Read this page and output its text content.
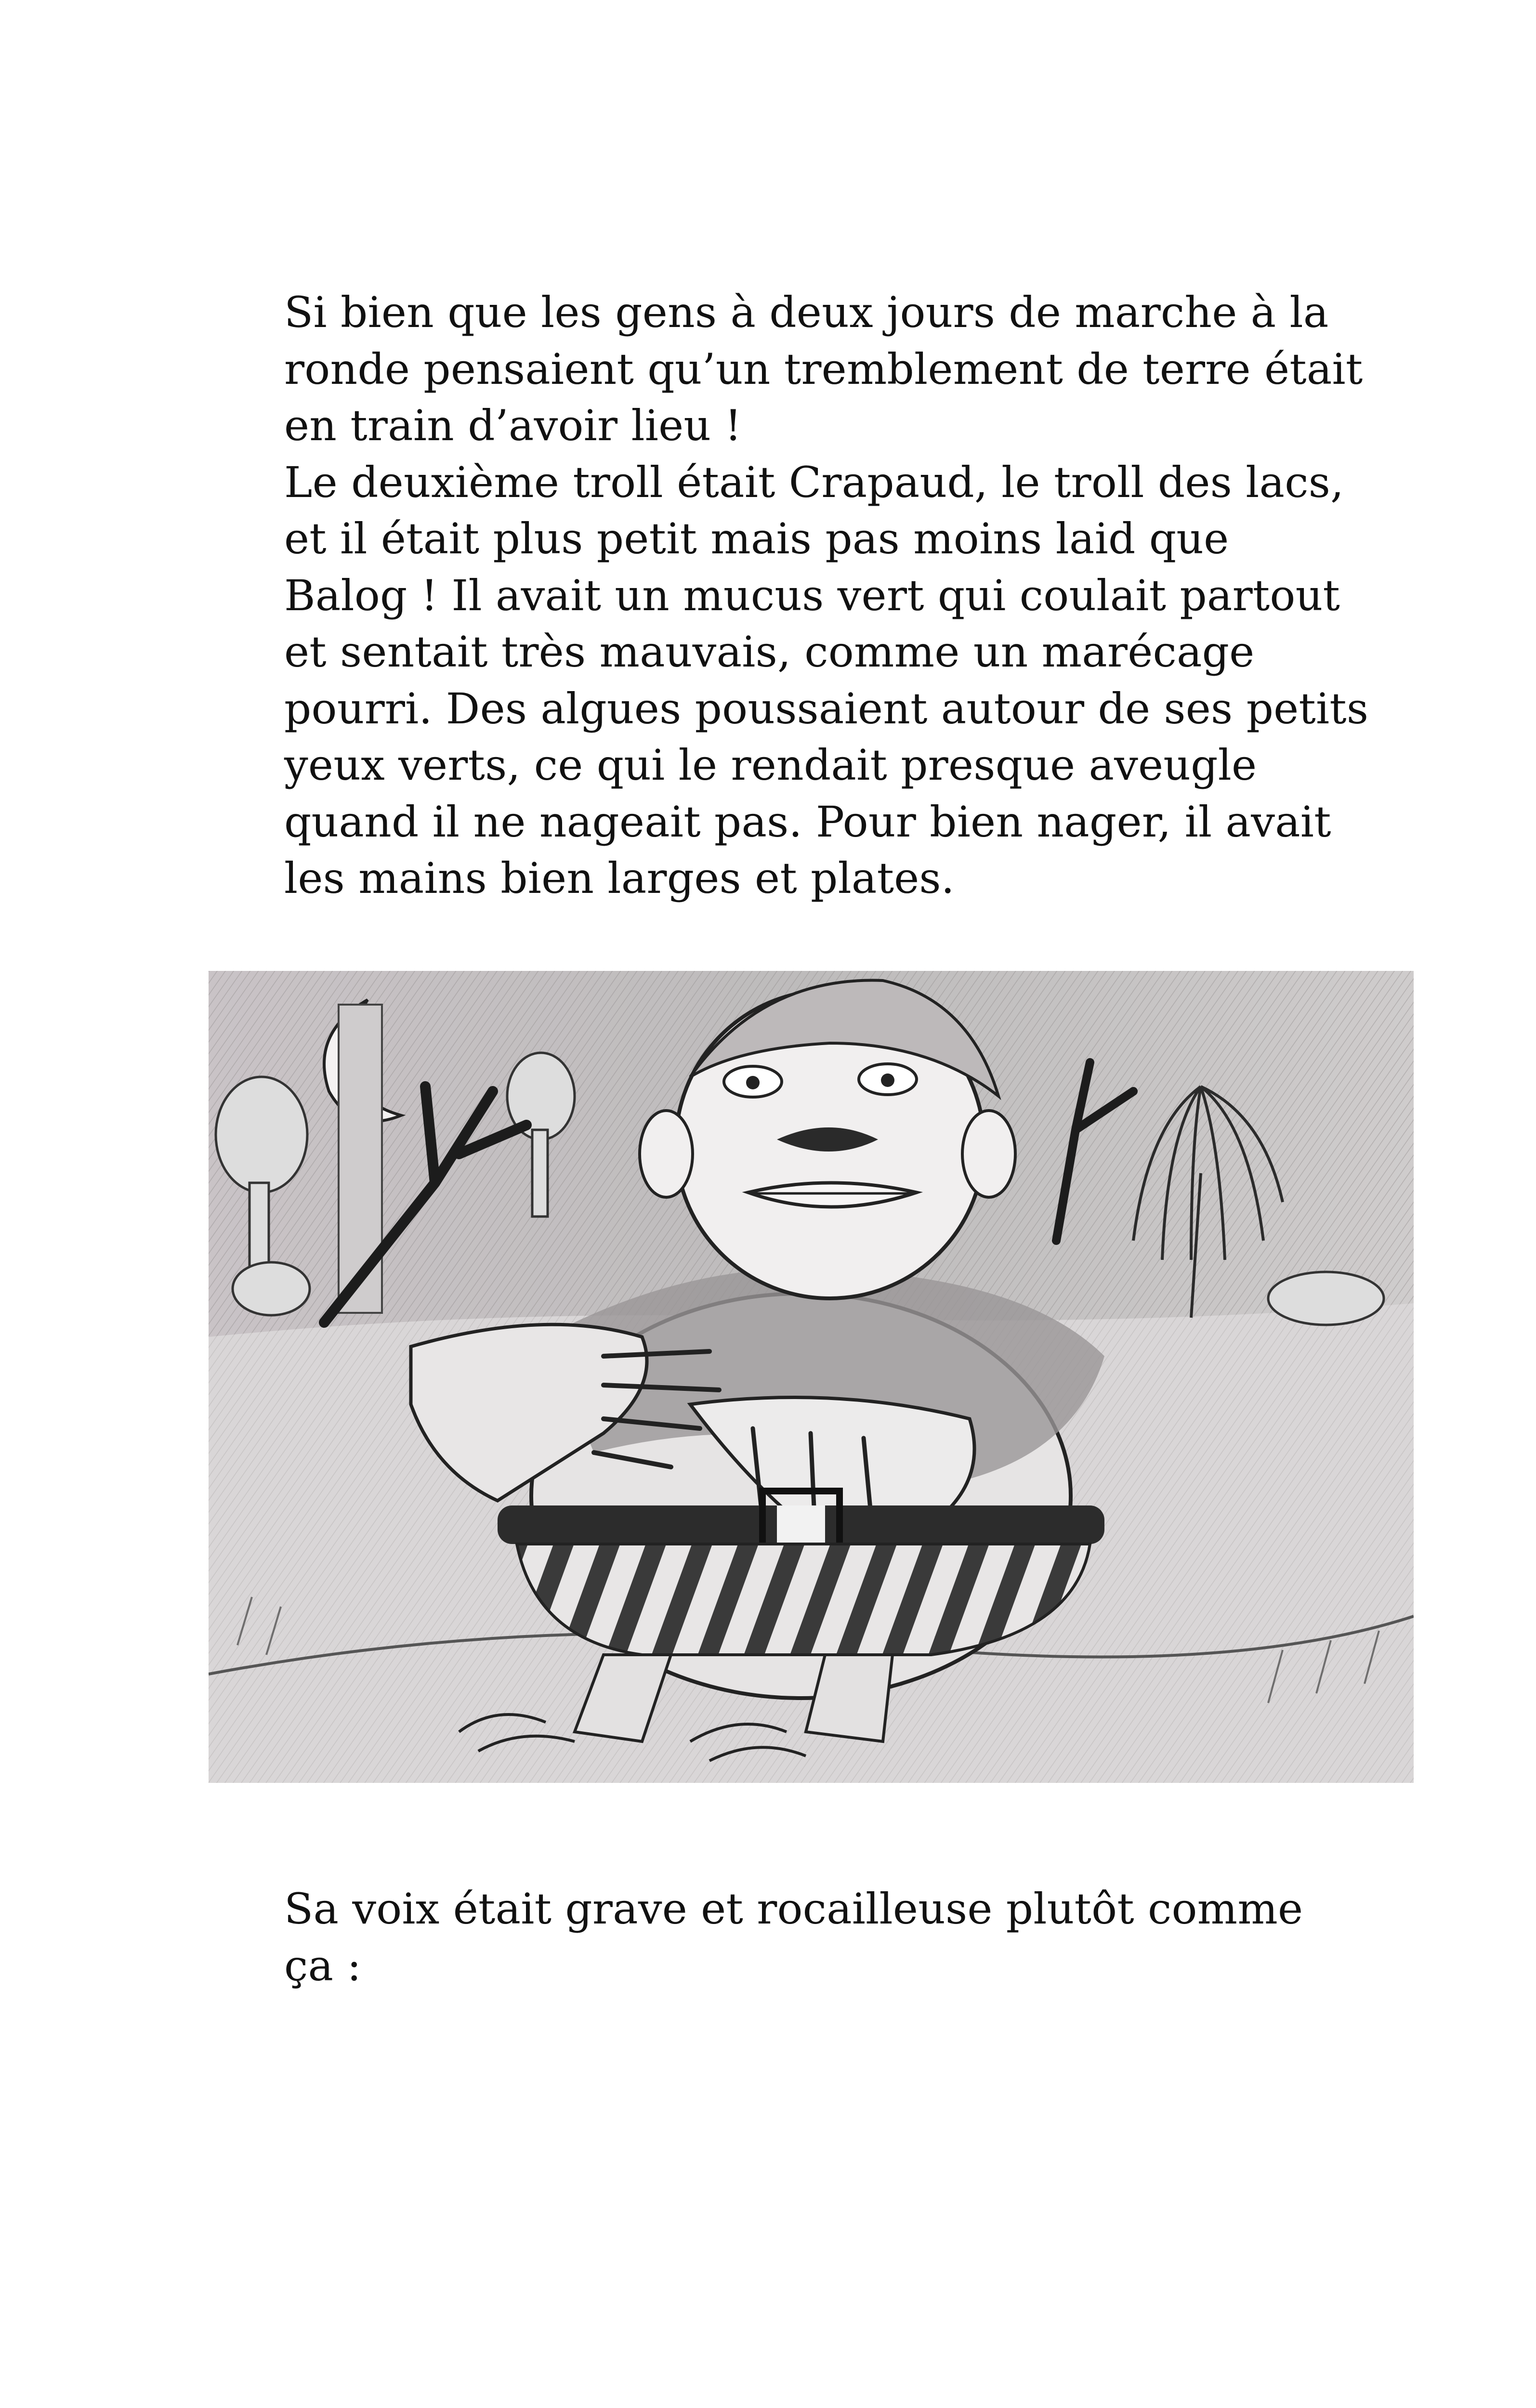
Si bien que les gens à deux jours de marche à la
ronde pensaient qu’un tremblement de terre était
en train d’avoir lieu !
Le deuxième troll était Crapaud, le troll des lacs,
et il était plus petit mais pas moins laid que
Balog ! Il avait un mucus vert qui coulait partout
et sentait très mauvais, comme un marécage
pourri. Des algues poussaient autour de ses petits
yeux verts, ce qui le rendait presque aveugle
quand il ne nageait pas. Pour bien nager, il avait
les mains bien larges et plates.
Sa voix était grave et rocailleuse plutôt comme
ça :
